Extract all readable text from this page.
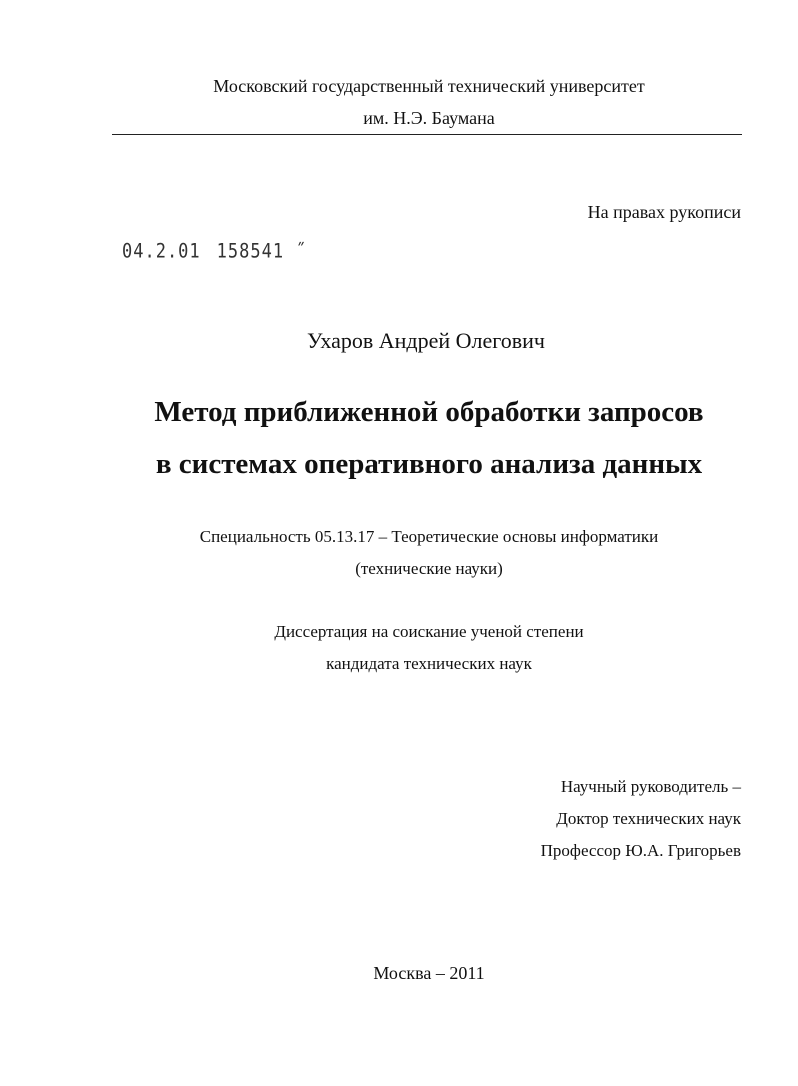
Московский государственный технический университет
им. Н.Э. Баумана
На правах рукописи
04.2.01 158541 ˝
Ухаров Андрей Олегович
Метод приближенной обработки запросов
в системах оперативного анализа данных
Специальность 05.13.17 – Теоретические основы информатики
(технические науки)
Диссертация на соискание ученой степени
кандидата технических наук
Научный руководитель –
Доктор технических наук
Профессор Ю.А. Григорьев
Москва – 2011
